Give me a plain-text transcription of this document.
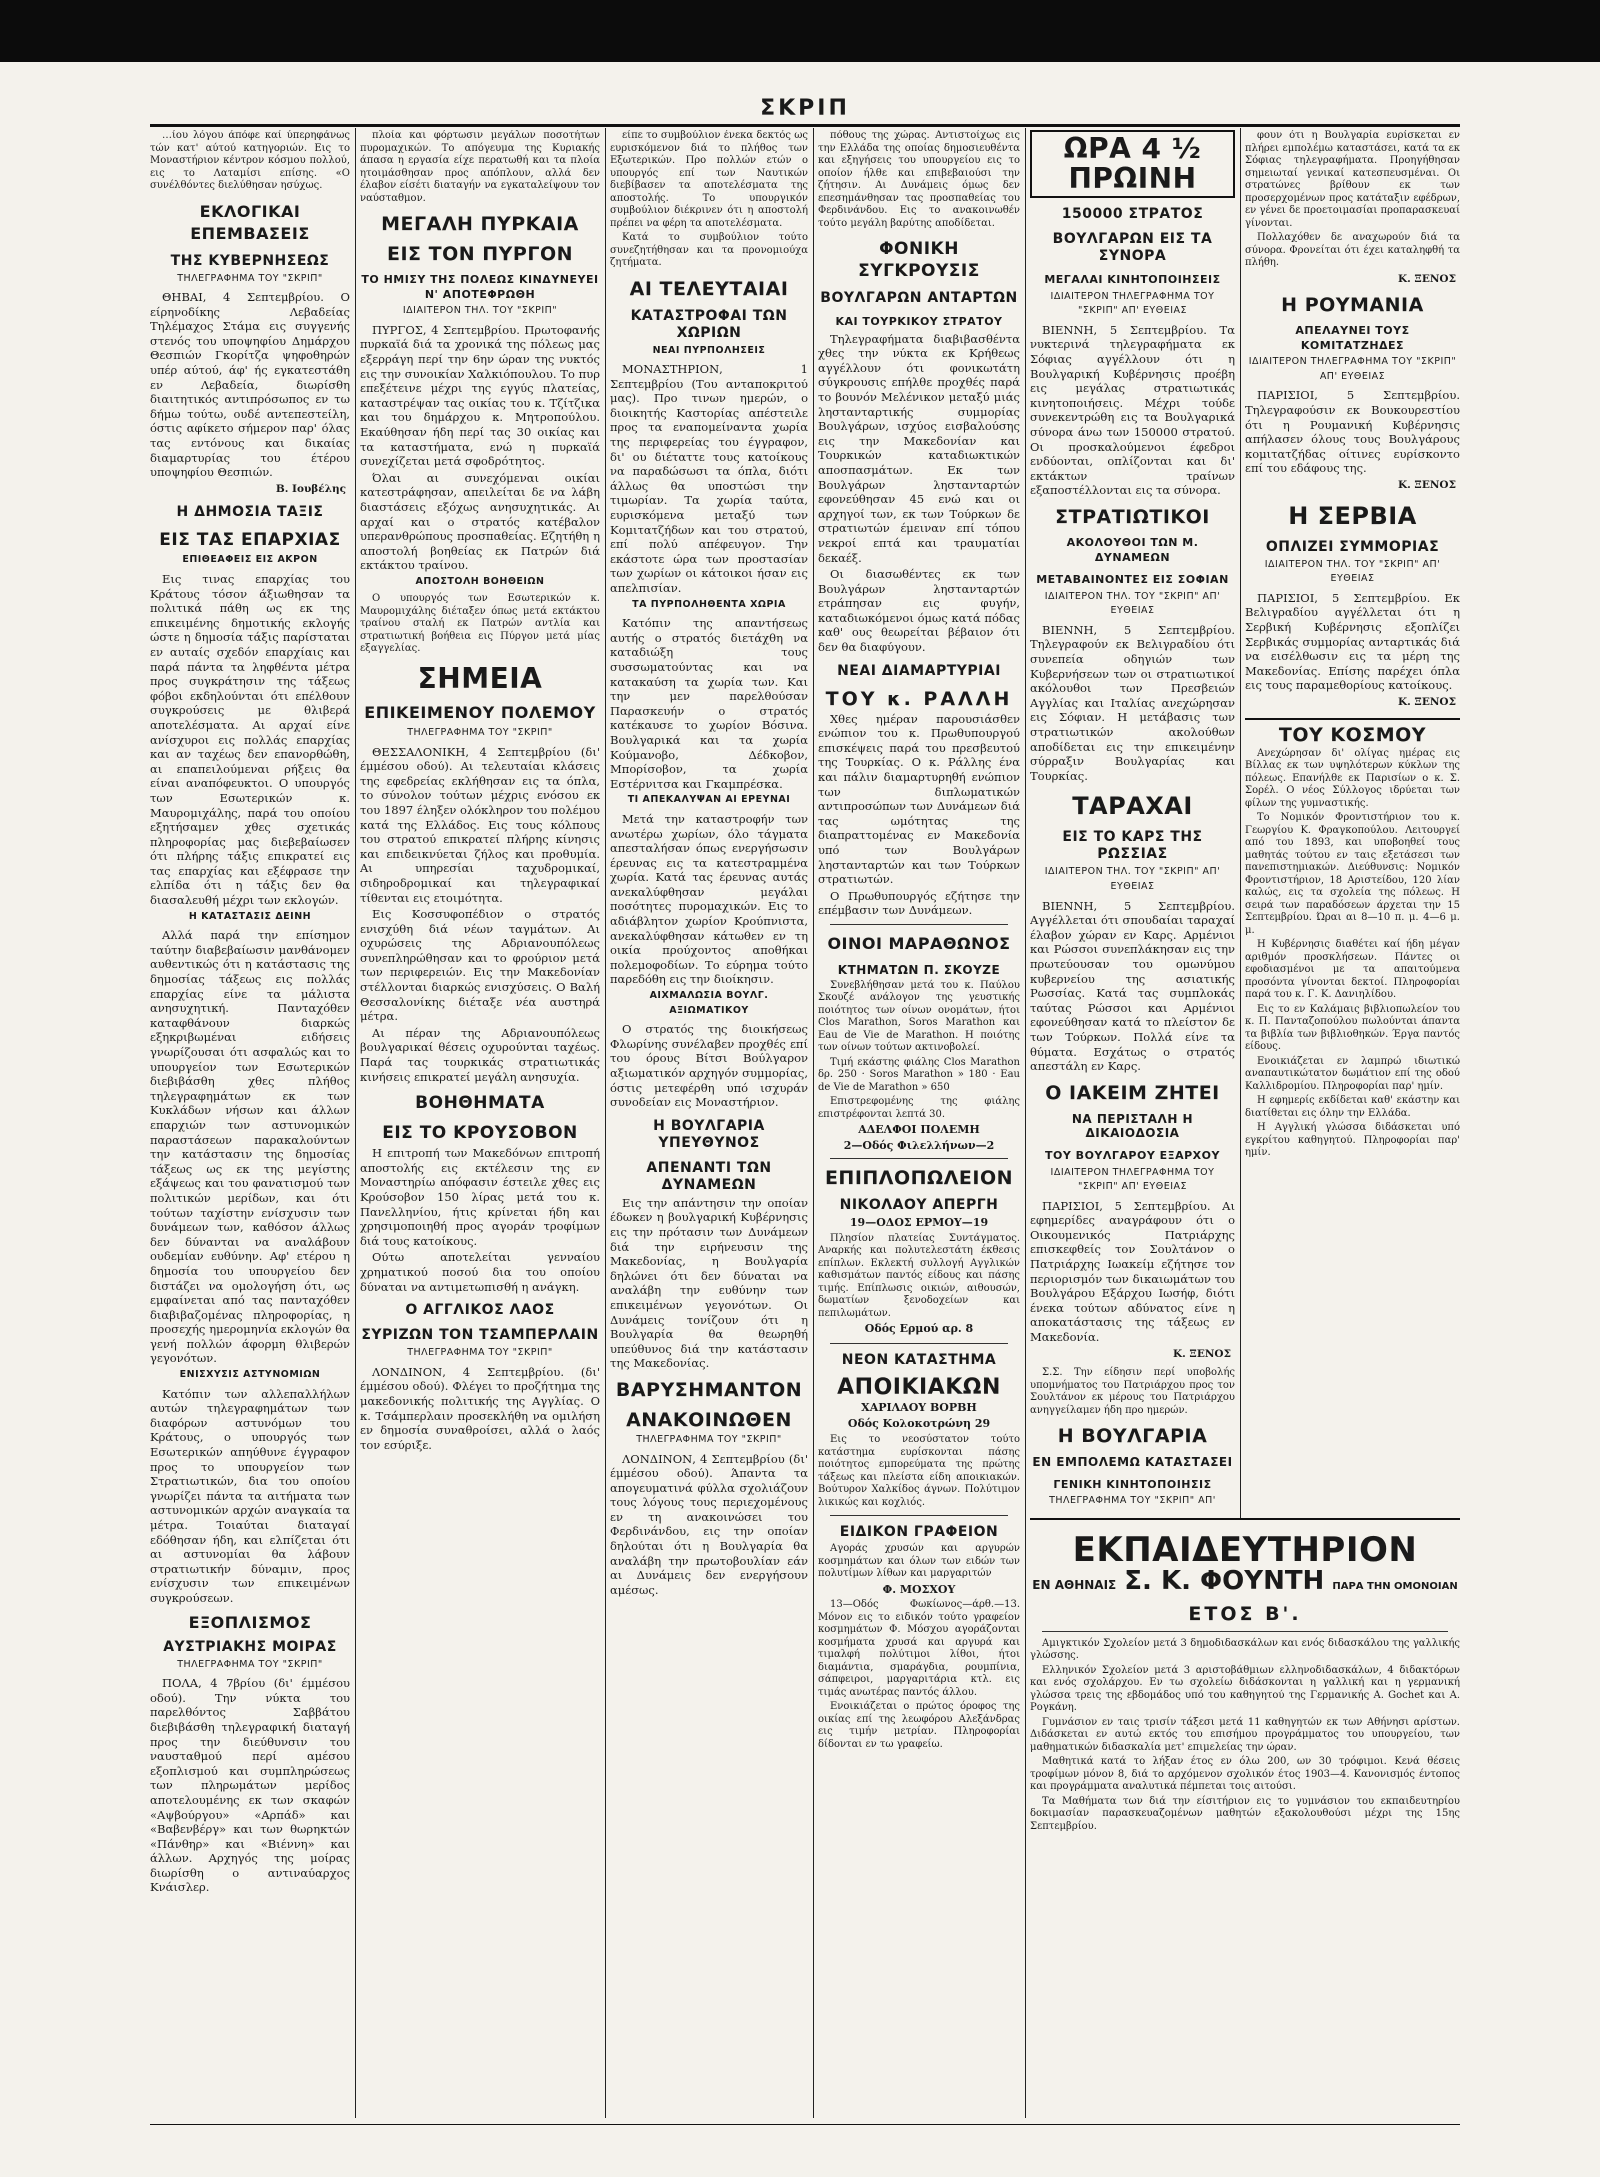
ΣΚΡΙΠ

…ίου λόγου άπόφε καί ύπερηφάνως τών κατ' αύτού κατηγοριών. Εις το Μοναστήριον κέντρον κόσμου πολλού, εις το Λαταμίσι επίσης. «Ο συνέλθόντες διελύθησαν ησύχως.

ΕΚΛΟΓΙΚΑΙ ΕΠΕΜΒΑΣΕΙΣ
ΤΗΣ ΚΥΒΕΡΝΗΣΕΩΣ
ΤΗΛΕΓΡΑΦΗΜΑ ΤΟΥ "ΣΚΡΙΠ"

ΘΗΒΑΙ, 4 Σεπτεμβρίου. Ο είρηνοδίκης Λεβαδείας Τηλέμαχος Στάμα εις συγγενής στενός του υποψηφίου Δημάρχου Θεσπιών Γκορίτζα ψηφοθηρών υπέρ αύτού, άφ' ής εγκατεστάθη εν Λεβαδεία, διωρίσθη διαιτητικός αντιπρόσωπος εν τω δήμω τούτω, ουδέ αντεπεστείλη, όστις αφίκετο σήμερον παρ' όλας τας εντόνους και δικαίας διαμαρτυρίας του έτέρου υποψηφίου Θεσπιών.

Β. Ιουβέλης
Η ΔΗΜΟΣΙΑ ΤΑΞΙΣ
ΕΙΣ ΤΑΣ ΕΠΑΡΧΙΑΣ
ΕΠΙΘΕΑΦΕΙΣ ΕΙΣ ΑΚΡΟΝ

Εις τινας επαρχίας του Κράτους τόσον άξιωθησαν τα πολιτικά πάθη ως εκ της επικειμένης δημοτικής εκλογής ώστε η δημοσία τάξις παρίσταται εν αυταίς σχεδόν επαρχίαις και παρά πάντα τα ληφθέντα μέτρα προς συγκράτησιν της τάξεως φόβοι εκδηλούνται ότι επέλθουν συγκρούσεις με θλιβερά αποτελέσματα. Αι αρχαί είνε ανίσχυροι εις πολλάς επαρχίας και αν ταχέως δεν επανορθώθη, αι επαπειλούμεναι ρήξεις θα είναι αναπόφευκτοι. Ο υπουργός των Εσωτερικών κ. Μαυρομιχάλης, παρά του οποίου εξητήσαμεν χθες σχετικάς πληροφορίας μας διεβεβαίωσεν ότι πλήρης τάξις επικρατεί εις τας επαρχίας και εξέφρασε την ελπίδα ότι η τάξις δεν θα διασαλευθή μέχρι των εκλογών.

Η ΚΑΤΑΣΤΑΣΙΣ ΔΕΙΝΗ

Αλλά παρά την επίσημον ταύτην διαβεβαίωσιν μανθάνομεν αυθεντικώς ότι η κατάστασις της δημοσίας τάξεως εις πολλάς επαρχίας είνε τα μάλιστα ανησυχητική. Πανταχόθεν καταφθάνουν διαρκώς εξηκριβωμέναι ειδήσεις γνωρίζουσαι ότι ασφαλώς και το υπουργείον των Εσωτερικών διεβιβάσθη χθες πλήθος τηλεγραφημάτων εκ των Κυκλάδων νήσων και άλλων επαρχιών των αστυνομικών παραστάσεων παρακαλούντων την κατάστασιν της δημοσίας τάξεως ως εκ της μεγίστης εξάψεως και του φανατισμού των πολιτικών μερίδων, και ότι τούτων ταχίστην ενίσχυσιν των δυνάμεων των, καθόσον άλλως δεν δύνανται να αναλάβουν ουδεμίαν ευθύνην. Αφ' ετέρου η δημοσία του υπουργείου δεν διστάζει να ομολογήση ότι, ως εμφαίνεται από τας πανταχόθεν διαβιβαζομένας πληροφορίας, η προσεχής ημερομηνία εκλογών θα γενή πολλών άφορμη θλιβερών γεγονότων.

ΕΝΙΣΧΥΣΙΣ ΑΣΤΥΝΟΜΙΩΝ

Κατόπιν των αλλεπαλλήλων αυτών τηλεγραφημάτων των διαφόρων αστυνόμων του Κράτους, ο υπουργός των Εσωτερικών απηύθυνε έγγραφον προς το υπουργείον των Στρατιωτικών, δια του οποίου γνωρίζει πάντα τα αιτήματα των αστυνομικών αρχών αναγκαία τα μέτρα. Τοιαύται διαταγαί εδόθησαν ήδη, και ελπίζεται ότι αι αστυνομίαι θα λάβουν στρατιωτικήν δύναμιν, προς ενίσχυσιν των επικειμένων συγκρούσεων.

ΕΞΟΠΛΙΣΜΟΣ
ΑΥΣΤΡΙΑΚΗΣ ΜΟΙΡΑΣ
ΤΗΛΕΓΡΑΦΗΜΑ ΤΟΥ "ΣΚΡΙΠ"

ΠΟΛΑ, 4 7βρίου (δι' έμμέσου οδού). Την νύκτα του παρελθόντος Σαββάτου διεβιβάσθη τηλεγραφική διαταγή προς την διεύθυνσιν του ναυσταθμού περί αμέσου εξοπλισμού και συμπληρώσεως των πληρωμάτων μερίδος αποτελουμένης εκ των σκαφών «Αψβούργου» «Αρπάδ» και «Βαβενβέργ» και των θωρηκτών «Πάνθηρ» και «Βιέννη» και άλλων. Αρχηγός της μοίρας διωρίσθη ο αντιναύαρχος Κνάισλερ.

πλοία και φόρτωσιν μεγάλων ποσοτήτων πυρομαχικών. Το απόγευμα της Κυριακής άπασα η εργασία είχε περατωθή και τα πλοία ητοιμάσθησαν προς απόπλουν, αλλά δεν έλαβον είσέτι διαταγήν να εγκαταλείψουν τον ναύσταθμον.

ΜΕΓΑΛΗ ΠΥΡΚΑΙΑ
ΕΙΣ ΤΟΝ ΠΥΡΓΟΝ
ΤΟ ΗΜΙΣΥ ΤΗΣ ΠΟΛΕΩΣ ΚΙΝΔΥΝΕΥΕΙ Ν' ΑΠΟΤΕΦΡΩΘΗ
ΙΔΙΑΙΤΕΡΟΝ ΤΗΛ. ΤΟΥ "ΣΚΡΙΠ"

ΠΥΡΓΟΣ, 4 Σεπτεμβρίου. Πρωτοφανής πυρκαϊά διά τα χρονικά της πόλεως μας εξερράγη περί την 6ην ώραν της νυκτός εις την συνοικίαν Χαλκιόπουλου. Το πυρ επεξέτεινε μέχρι της εγγύς πλατείας, καταστρέψαν τας οικίας του κ. Τζίτζικα και του δημάρχου κ. Μητροπούλου. Εκαύθησαν ήδη περί τας 30 οικίας και τα καταστήματα, ενώ η πυρκαϊά συνεχίζεται μετά σφοδρότητος.

Όλαι αι συνεχόμεναι οικίαι κατεστράφησαν, απειλείται δε να λάβη διαστάσεις εξόχως ανησυχητικάς. Αι αρχαί και ο στρατός κατέβαλον υπερανθρώπους προσπαθείας. Εζητήθη η αποστολή βοηθείας εκ Πατρών διά εκτάκτου τραίνου.

ΑΠΟΣΤΟΛΗ ΒΟΗΘΕΙΩΝ

Ο υπουργός των Εσωτερικών κ. Μαυρομιχάλης διέταξεν όπως μετά εκτάκτου τραίνου σταλή εκ Πατρών αντλία και στρατιωτική βοήθεια εις Πύργον μετά μίας εξαγγελίας.

ΣΗΜΕΙΑ
ΕΠΙΚΕΙΜΕΝΟΥ ΠΟΛΕΜΟΥ
ΤΗΛΕΓΡΑΦΗΜΑ ΤΟΥ "ΣΚΡΙΠ"

ΘΕΣΣΑΛΟΝΙΚΗ, 4 Σεπτεμβρίου (δι' έμμέσου οδού). Αι τελευταίαι κλάσεις της εφεδρείας εκλήθησαν εις τα όπλα, το σύνολον τούτων μέχρις ενόσου εκ του 1897 έληξεν ολόκληρον του πολέμου κατά της Ελλάδος. Εις τους κόλπους του στρατού επικρατεί πλήρης κίνησις και επιδεικνύεται ζήλος και προθυμία. Αι υπηρεσίαι ταχυδρομικαί, σιδηροδρομικαί και τηλεγραφικαί τίθενται εις ετοιμότητα.

Εις Κοσσυφοπέδιον ο στρατός ενισχύθη διά νέων ταγμάτων. Αι οχυρώσεις της Αδριανουπόλεως συνεπληρώθησαν και το φρούριον μετά των περιφερειών. Εις την Μακεδονίαν στέλλονται διαρκώς ενισχύσεις. Ο Βαλή Θεσσαλονίκης διέταξε νέα αυστηρά μέτρα.

Αι πέραν της Αδριανουπόλεως βουλγαρικαί θέσεις οχυρούνται ταχέως. Παρά τας τουρκικάς στρατιωτικάς κινήσεις επικρατεί μεγάλη ανησυχία.

ΒΟΗΘΗΜΑΤΑ
ΕΙΣ ΤΟ ΚΡΟΥΣΟΒΟΝ

Η επιτροπή των Μακεδόνων επιτροπή αποστολής εις εκτέλεσιν της εν Μοναστηρίω απόφασιν έστειλε χθες εις Κρούσοβον 150 λίρας μετά του κ. Πανελληνίου, ήτις κρίνεται ήδη και χρησιμοποιηθή προς αγοράν τροφίμων διά τους κατοίκους.

Ούτω αποτελείται γενναίου χρηματικού ποσού δια του οποίου δύναται να αντιμετωπισθή η ανάγκη.

Ο ΑΓΓΛΙΚΟΣ ΛΑΟΣ
ΣΥΡΙΖΩΝ ΤΟΝ ΤΣΑΜΠΕΡΛΑΙΝ
ΤΗΛΕΓΡΑΦΗΜΑ ΤΟΥ "ΣΚΡΙΠ"

ΛΟΝΔΙΝΟΝ, 4 Σεπτεμβρίου. (δι' έμμέσου οδού). Φλέγει το προζήτημα της μακεδονικής πολιτικής της Αγγλίας. Ο κ. Τσάμπερλαιν προσεκλήθη να ομιλήση εν δημοσία συναθροίσει, αλλά ο λαός τον εσύριξε.

είπε το συμβούλιον ένεκα δεκτός ως ευρισκόμενον διά το πλήθος των Εξωτερικών. Προ πολλών ετών ο υπουργός επί των Ναυτικών διεβίβασεν τα αποτελέσματα της αποστολής. Το υπουργικόν συμβούλιον διέκρινεν ότι η αποστολή πρέπει να φέρη τα αποτελέσματα.

Κατά το συμβούλιον τούτο συνεζητήθησαν και τα προνομιούχα ζητήματα.

ΑΙ ΤΕΛΕΥΤΑΙΑΙ
ΚΑΤΑΣΤΡΟΦΑΙ ΤΩΝ ΧΩΡΙΩΝ
ΝΕΑΙ ΠΥΡΠΟΛΗΣΕΙΣ

ΜΟΝΑΣΤΗΡΙΟΝ, 1 Σεπτεμβρίου (Του ανταποκριτού μας). Προ τινων ημερών, ο διοικητής Καστορίας απέστειλε προς τα εναπομείναντα χωρία της περιφερείας του έγγραφον, δι' ου διέταττε τους κατοίκους να παραδώσωσι τα όπλα, διότι άλλως θα υποστώσι την τιμωρίαν. Τα χωρία ταύτα, ευρισκόμενα μεταξύ των Κομιτατζήδων και του στρατού, επί πολύ απέφευγον. Την εκάστοτε ώρα των προστασίαν των χωρίων οι κάτοικοι ήσαν εις απελπισίαν.

ΤΑ ΠΥΡΠΟΛΗΘΕΝΤΑ ΧΩΡΙΑ

Κατόπιν της απαντήσεως αυτής ο στρατός διετάχθη να καταδιώξη τους συσσωματούντας και να κατακαύση τα χωρία των. Και την μεν παρελθούσαν Παρασκευήν ο στρατός κατέκαυσε το χωρίον Βόσινα. Βουλγαρικά και τα χωρία Κούμανοβο, Δέδκοβον, Μπορίσοβον, τα χωρία Εστέρνιτσα και Γκαμπρέσκα.

ΤΙ ΑΠΕΚΑΛΥΨΑΝ ΑΙ ΕΡΕΥΝΑΙ

Μετά την καταστροφήν των ανωτέρω χωρίων, όλο τάγματα απεσταλήσαν όπως ενεργήσωσιν έρευνας εις τα κατεστραμμένα χωρία. Κατά τας έρευνας αυτάς ανεκαλύφθησαν μεγάλαι ποσότητες πυρομαχικών. Εις το αδιάβλητον χωρίον Κρούπνιστα, ανεκαλύφθησαν κάτωθεν εν τη οικία προύχοντος αποθήκαι πολεμοφοδίων. Το εύρημα τούτο παρεδόθη εις την διοίκησιν.

ΑΙΧΜΑΛΩΣΙΑ ΒΟΥΛΓ. ΑΞΙΩΜΑΤΙΚΟΥ

Ο στρατός της διοικήσεως Φλωρίνης συνέλαβεν προχθές επί του όρους Βίτσι Βούλγαρον αξιωματικόν αρχηγόν συμμορίας, όστις μετεφέρθη υπό ισχυράν συνοδείαν εις Μοναστήριον.

Η ΒΟΥΛΓΑΡΙΑ ΥΠΕΥΘΥΝΟΣ
ΑΠΕΝΑΝΤΙ ΤΩΝ ΔΥΝΑΜΕΩΝ

Εις την απάντησιν την οποίαν έδωκεν η βουλγαρική Κυβέρνησις εις την πρότασιν των Δυνάμεων διά την ειρήνευσιν της Μακεδονίας, η Βουλγαρία δηλώνει ότι δεν δύναται να αναλάβη την ευθύνην των επικειμένων γεγονότων. Οι Δυνάμεις τονίζουν ότι η Βουλγαρία θα θεωρηθή υπεύθυνος διά την κατάστασιν της Μακεδονίας.

ΒΑΡΥΣΗΜΑΝΤΟΝ
ΑΝΑΚΟΙΝΩΘΕΝ
ΤΗΛΕΓΡΑΦΗΜΑ ΤΟΥ "ΣΚΡΙΠ"

ΛΟΝΔΙΝΟΝ, 4 Σεπτεμβρίου (δι' έμμέσου οδού). Άπαντα τα απογευματινά φύλλα σχολιάζουν τους λόγους τους περιεχομένους εν τη ανακοινώσει του Φερδινάνδου, εις την οποίαν δηλούται ότι η Βουλγαρία θα αναλάβη την πρωτοβουλίαν εάν αι Δυνάμεις δεν ενεργήσουν αμέσως.

πόθους της χώρας. Αντιστοίχως εις την Ελλάδα της οποίας δημοσιευθέντα και εξηγήσεις του υπουργείου εις το οποίον ήλθε και επιβεβαιούσι την ζήτησιν. Αι Δυνάμεις όμως δεν επεσημάνθησαν τας προσπαθείας του Φερδινάνδου. Εις το ανακοινωθέν τούτο μεγάλη βαρύτης αποδίδεται.

ΦΟΝΙΚΗ ΣΥΓΚΡΟΥΣΙΣ
ΒΟΥΛΓΑΡΩΝ ΑΝΤΑΡΤΩΝ
ΚΑΙ ΤΟΥΡΚΙΚΟΥ ΣΤΡΑΤΟΥ

Τηλεγραφήματα διαβιβασθέντα χθες την νύκτα εκ Κρήθεως αγγέλλουν ότι φονικωτάτη σύγκρουσις επήλθε προχθές παρά το βουνόν Μελένικον μεταξύ μιάς ληστανταρτικής συμμορίας Βουλγάρων, ισχύος εισβαλούσης εις την Μακεδονίαν και Τουρκικών καταδιωκτικών αποσπασμάτων. Εκ των Βουλγάρων ληστανταρτών εφονεύθησαν 45 ενώ και οι αρχηγοί των, εκ των Τούρκων δε στρατιωτών έμειναν επί τόπου νεκροί επτά και τραυματίαι δεκαέξ.

Οι διασωθέντες εκ των Βουλγάρων ληστανταρτών ετράπησαν εις φυγήν, καταδιωκόμενοι όμως κατά πόδας καθ' ους θεωρείται βέβαιον ότι δεν θα διαφύγουν.

ΝΕΑΙ ΔΙΑΜΑΡΤΥΡΙΑΙ
ΤΟΥ κ. ΡΑΛΛΗ

Χθες ημέραν παρουσιάσθεν ενώπιον του κ. Πρωθυπουργού επισκέψεις παρά του πρεσβευτού της Τουρκίας. Ο κ. Ράλλης ένα και πάλιν διαμαρτυρηθή ενώπιον των διπλωματικών αντιπροσώπων των Δυνάμεων διά τας ωμότητας της διαπραττομένας εν Μακεδονία υπό των Βουλγάρων ληστανταρτών και των Τούρκων στρατιωτών.

Ο Πρωθυπουργός εζήτησε την επέμβασιν των Δυνάμεων.

ΟΙΝΟΙ ΜΑΡΑΘΩΝΟΣ
ΚΤΗΜΑΤΩΝ Π. ΣΚΟΥΖΕ

Συνεβλήθησαν μετά του κ. Παύλου Σκουζέ ανάλογον της γευστικής ποιότητος των οίνων ονομάτων, ήτοι Clos Marathon, Soros Marathon και Eau de Vie de Marathon. Η ποιότης των οίνων τούτων ακτινοβολεί.

Τιμή εκάστης φιάλης Clos Marathon δρ. 250 · Soros Marathon » 180 · Eau de Vie de Marathon » 650

Επιστρεφομένης της φιάλης επιστρέφονται λεπτά 30.

ΑΔΕΛΦΟΙ ΠΟΛΕΜΗ
2—Οδός Φιλελλήνων—2
ΕΠΙΠΛΟΠΩΛΕΙΟΝ
ΝΙΚΟΛΑΟΥ ΑΠΕΡΓΗ
19—ΟΔΟΣ ΕΡΜΟΥ—19

Πλησίον πλατείας Συντάγματος. Αναρκής και πολυτελεστάτη έκθεσις επίπλων. Εκλεκτή συλλογή Αγγλικών καθισμάτων παντός είδους και πάσης τιμής. Επίπλωσις οικιών, αιθουσών, δωματίων ξενοδοχείων και πεπιλωμάτων.

Οδός Ερμού αρ. 8
ΝΕΟΝ ΚΑΤΑΣΤΗΜΑ
ΑΠΟΙΚΙΑΚΩΝ
ΧΑΡΙΛΑΟΥ ΒΟΡΒΗ
Οδός Κολοκοτρώνη 29

Εις το νεοσύστατον τούτο κατάστημα ευρίσκονται πάσης ποιότητος εμπορεύματα της πρώτης τάξεως και πλείστα είδη αποικιακών. Βούτυρον Χαλκίδος άγνων. Πολύτιμον λικικώς και κοχλιός.

ΕΙΔΙΚΟΝ ΓΡΑΦΕΙΟΝ

Αγοράς χρυσών και αργυρών κοσμημάτων και όλων των ειδών των πολυτίμων λίθων και μαργαριτών

Φ. ΜΟΣΧΟΥ

13—Οδός Φωκίωνος—άρθ.—13. Μόνον εις το ειδικόν τούτο γραφείον κοσμημάτων Φ. Μόσχου αγοράζονται κοσμήματα χρυσά και αργυρά και τιμαλφή πολύτιμοι λίθοι, ήτοι διαμάντια, σμαράγδια, ρουμπίνια, σάπφειροι, μαργαριτάρια κτλ. εις τιμάς ανωτέρας παντός άλλου.

Ενοικιάζεται ο πρώτος όροφος της οικίας επί της λεωφόρου Αλεξάνδρας εις τιμήν μετρίαν. Πληροφορίαι δίδονται εν τω γραφείω.

ΩΡΑ 4 ½ ΠΡΩΙΝΗ
150000 ΣΤΡΑΤΟΣ
ΒΟΥΛΓΑΡΩΝ ΕΙΣ ΤΑ ΣΥΝΟΡΑ
ΜΕΓΑΛΑΙ ΚΙΝΗΤΟΠΟΙΗΣΕΙΣ
ΙΔΙΑΙΤΕΡΟΝ ΤΗΛΕΓΡΑΦΗΜΑ ΤΟΥ "ΣΚΡΙΠ" ΑΠ' ΕΥΘΕΙΑΣ

ΒΙΕΝΝΗ, 5 Σεπτεμβρίου. Τα νυκτερινά τηλεγραφήματα εκ Σόφιας αγγέλλουν ότι η Βουλγαρική Κυβέρνησις προέβη εις μεγάλας στρατιωτικάς κινητοποιήσεις. Μέχρι τούδε συνεκεντρώθη εις τα Βουλγαρικά σύνορα άνω των 150000 στρατού. Οι προσκαλούμενοι έφεδροι ενδύονται, οπλίζονται και δι' εκτάκτων τραίνων εξαποστέλλονται εις τα σύνορα.

ΣΤΡΑΤΙΩΤΙΚΟΙ
ΑΚΟΛΟΥΘΟΙ ΤΩΝ Μ. ΔΥΝΑΜΕΩΝ
ΜΕΤΑΒΑΙΝΟΝΤΕΣ ΕΙΣ ΣΟΦΙΑΝ
ΙΔΙΑΙΤΕΡΟΝ ΤΗΛ. ΤΟΥ "ΣΚΡΙΠ" ΑΠ' ΕΥΘΕΙΑΣ

ΒΙΕΝΝΗ, 5 Σεπτεμβρίου. Τηλεγραφούν εκ Βελιγραδίου ότι συνεπεία οδηγιών των Κυβερνήσεων των οι στρατιωτικοί ακόλουθοι των Πρεσβειών Αγγλίας και Ιταλίας ανεχώρησαν εις Σόφιαν. Η μετάβασις των στρατιωτικών ακολούθων αποδίδεται εις την επικειμένην σύρραξιν Βουλγαρίας και Τουρκίας.

ΤΑΡΑΧΑΙ
ΕΙΣ ΤΟ ΚΑΡΣ ΤΗΣ ΡΩΣΣΙΑΣ
ΙΔΙΑΙΤΕΡΟΝ ΤΗΛ. ΤΟΥ "ΣΚΡΙΠ" ΑΠ' ΕΥΘΕΙΑΣ

ΒΙΕΝΝΗ, 5 Σεπτεμβρίου. Αγγέλλεται ότι σπουδαίαι ταραχαί έλαβον χώραν εν Καρς. Αρμένιοι και Ρώσσοι συνεπλάκησαν εις την πρωτεύουσαν του ομωνύμου κυβερνείου της ασιατικής Ρωσσίας. Κατά τας συμπλοκάς ταύτας Ρώσσοι και Αρμένιοι εφονεύθησαν κατά το πλείστον δε των Τούρκων. Πολλά είνε τα θύματα. Εσχάτως ο στρατός απεστάλη εν Καρς.

Ο ΙΑΚΕΙΜ ΖΗΤΕΙ
ΝΑ ΠΕΡΙΣΤΑΛΗ Η ΔΙΚΑΙΟΔΟΣΙΑ
ΤΟΥ ΒΟΥΛΓΑΡΟΥ ΕΞΑΡΧΟΥ
ΙΔΙΑΙΤΕΡΟΝ ΤΗΛΕΓΡΑΦΗΜΑ ΤΟΥ "ΣΚΡΙΠ" ΑΠ' ΕΥΘΕΙΑΣ

ΠΑΡΙΣΙΟΙ, 5 Σεπτεμβρίου. Αι εφημερίδες αναγράφουν ότι ο Οικουμενικός Πατριάρχης επισκεφθείς τον Σουλτάνον ο Πατριάρχης Ιωακείμ εζήτησε τον περιορισμόν των δικαιωμάτων του Βουλγάρου Εξάρχου Ιωσήφ, διότι ένεκα τούτων αδύνατος είνε η αποκατάστασις της τάξεως εν Μακεδονία.

Κ. ΞΕΝΟΣ

Σ.Σ. Την είδησιν περί υποβολής υπομνήματος του Πατριάρχου προς τον Σουλτάνον εκ μέρους του Πατριάρχου ανηγγείλαμεν ήδη προ ημερών.

Η ΒΟΥΛΓΑΡΙΑ
ΕΝ ΕΜΠΟΛΕΜΩ ΚΑΤΑΣΤΑΣΕΙ
ΓΕΝΙΚΗ ΚΙΝΗΤΟΠΟΙΗΣΙΣ
ΤΗΛΕΓΡΑΦΗΜΑ ΤΟΥ "ΣΚΡΙΠ" ΑΠ'

φουν ότι η Βουλγαρία ευρίσκεται εν πλήρει εμπολέμω καταστάσει, κατά τα εκ Σόφιας τηλεγραφήματα. Προηγήθησαν σημειωταί γενικαί κατεσπευσμέναι. Οι στρατώνες βρίθουν εκ των προσερχομένων προς κατάταξιν εφέδρων, εν γένει δε προετοιμασίαι προπαρασκευαί γίνονται.

Πολλαχόθεν δε αναχωρούν διά τα σύνορα. Φρονείται ότι έχει καταληφθή τα πλήθη.

Κ. ΞΕΝΟΣ
Η ΡΟΥΜΑΝΙΑ
ΑΠΕΛΑΥΝΕΙ ΤΟΥΣ ΚΟΜΙΤΑΤΖΗΔΕΣ
ΙΔΙΑΙΤΕΡΟΝ ΤΗΛΕΓΡΑΦΗΜΑ ΤΟΥ "ΣΚΡΙΠ" ΑΠ' ΕΥΘΕΙΑΣ

ΠΑΡΙΣΙΟΙ, 5 Σεπτεμβρίου. Τηλεγραφούσιν εκ Βουκουρεστίου ότι η Ρουμανική Κυβέρνησις απήλασεν όλους τους Βουλγάρους κομιτατζήδας οίτινες ευρίσκοντο επί του εδάφους της.

Κ. ΞΕΝΟΣ
Η ΣΕΡΒΙΑ
ΟΠΛΙΖΕΙ ΣΥΜΜΟΡΙΑΣ
ΙΔΙΑΙΤΕΡΟΝ ΤΗΛ. ΤΟΥ "ΣΚΡΙΠ" ΑΠ' ΕΥΘΕΙΑΣ

ΠΑΡΙΣΙΟΙ, 5 Σεπτεμβρίου. Εκ Βελιγραδίου αγγέλλεται ότι η Σερβική Κυβέρνησις εξοπλίζει Σερβικάς συμμορίας ανταρτικάς διά να εισέλθωσιν εις τα μέρη της Μακεδονίας. Επίσης παρέχει όπλα εις τους παραμεθορίους κατοίκους.

Κ. ΞΕΝΟΣ
ΤΟΥ ΚΟΣΜΟΥ

Ανεχώρησαν δι' ολίγας ημέρας εις Βίλλας εκ των υψηλότερων κύκλων της πόλεως. Επανήλθε εκ Παρισίων ο κ. Σ. Σορέλ. Ο νέος Σύλλογος ιδρύεται των φίλων της γυμναστικής.

Το Νομικόν Φροντιστήριον του κ. Γεωργίου Κ. Φραγκοπούλου. Λειτουργεί από του 1893, και υποβοηθεί τους μαθητάς τούτου εν ταις εξετάσεσι των πανεπιστημιακών. Διεύθυνσις: Νομικόν Φροντιστήριον, 18 Αριστείδου, 120 λίαν καλώς, εις τα σχολεία της πόλεως. Η σειρά των παραδόσεων άρχεται την 15 Σεπτεμβρίου. Ώραι αι 8—10 π. μ. 4—6 μ. μ.

Η Κυβέρνησις διαθέτει καί ήδη μέγαν αριθμόν προσκλήσεων. Πάντες οι εφοδιασμένοι με τα απαιτούμενα προσόντα γίνονται δεκτοί. Πληροφορίαι παρά του κ. Γ. Κ. Δανιηλίδου.

Εις το εν Καλάμαις βιβλιοπωλείον του κ. Π. Πανταζοπούλου πωλούνται άπαντα τα βιβλία των βιβλιοθηκών. Έργα παντός είδους.

Ενοικιάζεται εν λαμπρώ ιδιωτικώ αναπαυτικώτατον δωμάτιον επί της οδού Καλλιδρομίου. Πληροφορίαι παρ' ημίν.

Η εφημερίς εκδίδεται καθ' εκάστην και διατίθεται εις όλην την Ελλάδα.

Η Αγγλική γλώσσα διδάσκεται υπό εγκρίτου καθηγητού. Πληροφορίαι παρ' ημίν.

ΕΚΠΑΙΔΕΥΤΗΡΙΟΝ
ΕΝ ΑΘΗΝΑΙΣ Σ. Κ. ΦΟΥΝΤΗ ΠΑΡΑ ΤΗΝ ΟΜΟΝΟΙΑΝ
ΕΤΟΣ Β'.

Αμιγκτικόν Σχολείον μετά 3 δημοδιδασκάλων και ενός διδασκάλου της γαλλικής γλώσσης.

Ελληνικόν Σχολείον μετά 3 αριστοβάθμιων ελληνοδιδασκάλων, 4 διδακτόρων και ενός σχολάρχου. Εν τω σχολείω διδάσκονται η γαλλική και η γερμανική γλώσσα τρεις της εβδομάδος υπό του καθηγητού της Γερμανικής Α. Gochet και Α. Ρογκάνη.

Γυμνάσιον εν ταις τρισίν τάξεσι μετά 11 καθηγητών εκ των Αθήνησι αρίστων. Διδάσκεται εν αυτώ εκτός του επισήμου προγράμματος του υπουργείου, των μαθηματικών διδασκαλία μετ' επιμελείας την ώραν.

Μαθητικά κατά το λήξαν έτος εν όλω 200, ων 30 τρόφιμοι. Κενά θέσεις τροφίμων μόνον 8, διά το αρχόμενον σχολικόν έτος 1903—4. Κανονισμός έντοπος και προγράμματα αναλυτικά πέμπεται τοις αιτούσι.

Τα Μαθήματα των διά την είσιτήριον εις το γυμνάσιον του εκπαιδευτηρίου δοκιμασίαν παρασκευαζομένων μαθητών εξακολουθούσι μέχρι της 15ης Σεπτεμβρίου.
